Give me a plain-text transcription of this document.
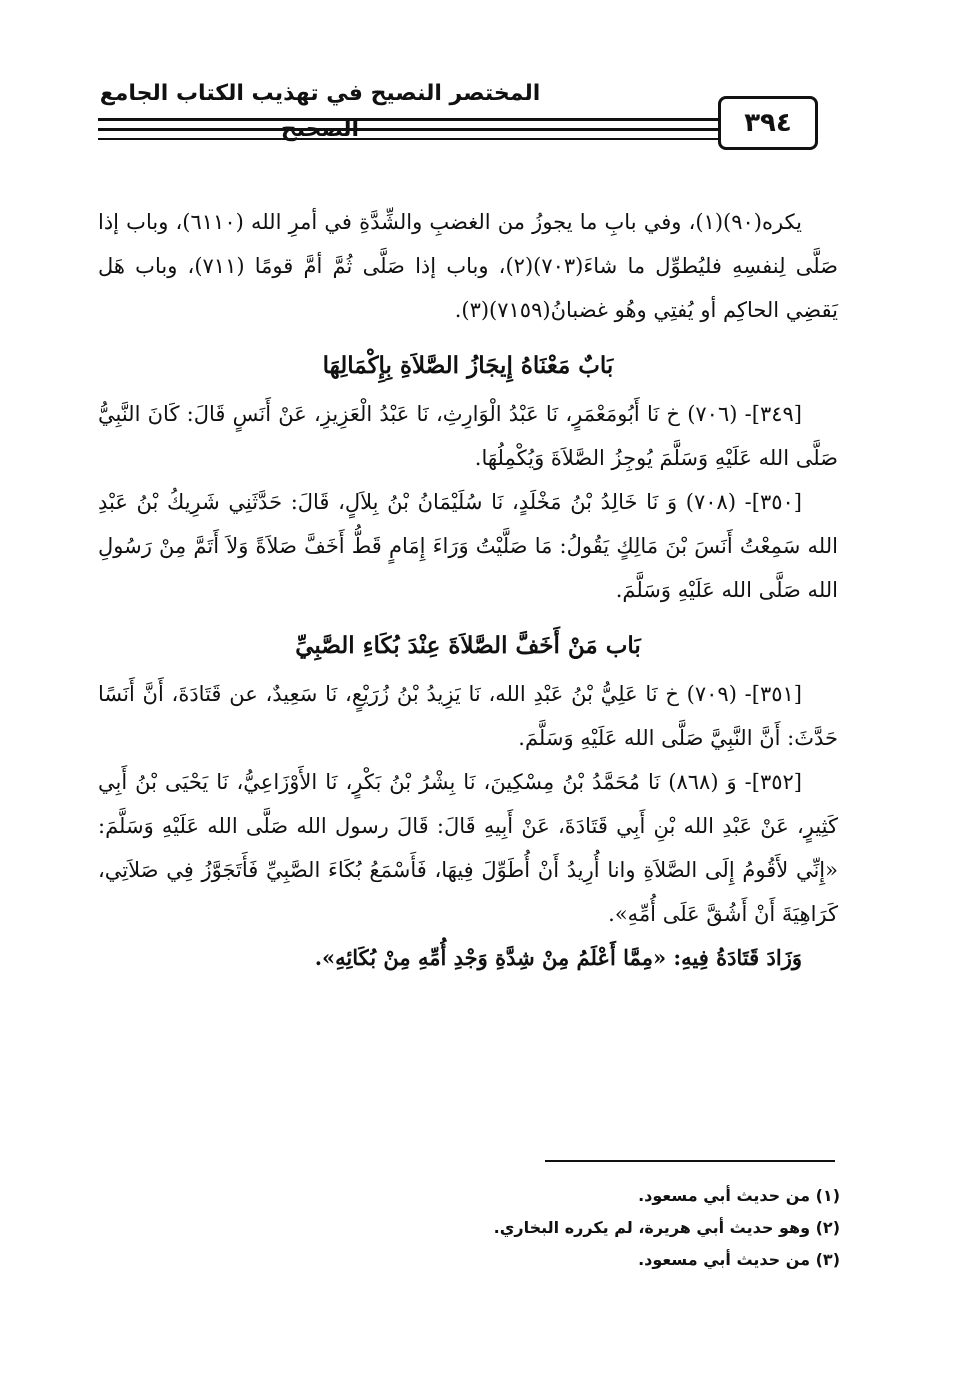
المختصر النصيح في تهذيب الكتاب الجامع الصحيح	٣٩٤

يكره(٩٠)(١)، وفي بابِ ما يجوزُ من الغضبِ والشِّدَّةِ في أمرِ الله (٦١١٠)، وباب إذا صَلَّى لِنفسِهِ فليُطوِّل ما شاءَ(٧٠٣)(٢)، وباب إذا صَلَّى ثُمَّ أمَّ قومًا (٧١١)، وباب هَل يَقضِي الحاكِم أو يُفتِي وهُو غضبانُ(٧١٥٩)(٣).

بَابٌ مَعْنَاهُ إِيجَازُ الصَّلاَةِ بِإِكْمَالِهَا

[٣٤٩]- (٧٠٦) خ نَا أَبُومَعْمَرٍ، نَا عَبْدُ الْوَارِثِ، نَا عَبْدُ الْعَزِيزِ، عَنْ أَنَسٍ قَالَ: كَانَ النَّبِيُّ صَلَّى الله عَلَيْهِ وَسَلَّمَ يُوجِزُ الصَّلاَةَ وَيُكْمِلُهَا.

[٣٥٠]- (٧٠٨) وَ نَا خَالِدُ بْنُ مَخْلَدٍ، نَا سُلَيْمَانُ بْنُ بِلاَلٍ، قَالَ: حَدَّثَنِي شَرِيكُ بْنُ عَبْدِ الله سَمِعْتُ أَنَسَ بْنَ مَالِكٍ يَقُولُ: مَا صَلَّيْتُ وَرَاءَ إِمَامٍ قَطُّ أَخَفَّ صَلاَةً وَلاَ أَتَمَّ مِنْ رَسُولِ الله صَلَّى الله عَلَيْهِ وَسَلَّمَ.

بَاب مَنْ أَخَفَّ الصَّلاَةَ عِنْدَ بُكَاءِ الصَّبِيِّ

[٣٥١]- (٧٠٩) خ نَا عَلِيُّ بْنُ عَبْدِ الله، نَا يَزِيدُ بْنُ زُرَيْعٍ، نَا سَعِيدٌ، عن قَتَادَةَ، أَنَّ أَنَسًا حَدَّثَ: أَنَّ النَّبِيَّ صَلَّى الله عَلَيْهِ وَسَلَّمَ.

[٣٥٢]- وَ (٨٦٨) نَا مُحَمَّدُ بْنُ مِسْكِينَ، نَا بِشْرُ بْنُ بَكْرٍ، نَا الأَوْزَاعِيُّ، نَا يَحْيَى بْنُ أَبِي كَثِيرٍ، عَنْ عَبْدِ الله بْنِ أَبِي قَتَادَةَ، عَنْ أَبِيهِ قَالَ: قَالَ رسول الله صَلَّى الله عَلَيْهِ وَسَلَّمَ: «إِنِّي لأَقُومُ إِلَى الصَّلاَةِ وانا أُرِيدُ أَنْ أُطَوِّلَ فِيهَا، فَأَسْمَعُ بُكَاءَ الصَّبِيِّ فَأَتَجَوَّزُ فِي صَلاَتِي، كَرَاهِيَةَ أَنْ أَشُقَّ عَلَى أُمِّهِ».

وَزَادَ قَتَادَةُ فِيهِ: «مِمَّا أَعْلَمُ مِنْ شِدَّةِ وَجْدِ أُمِّهِ مِنْ بُكَائِهِ».

(١) من حديث أبي مسعود.
(٢) وهو حديث أبي هريرة، لم يكرره البخاري.
(٣) من حديث أبي مسعود.
